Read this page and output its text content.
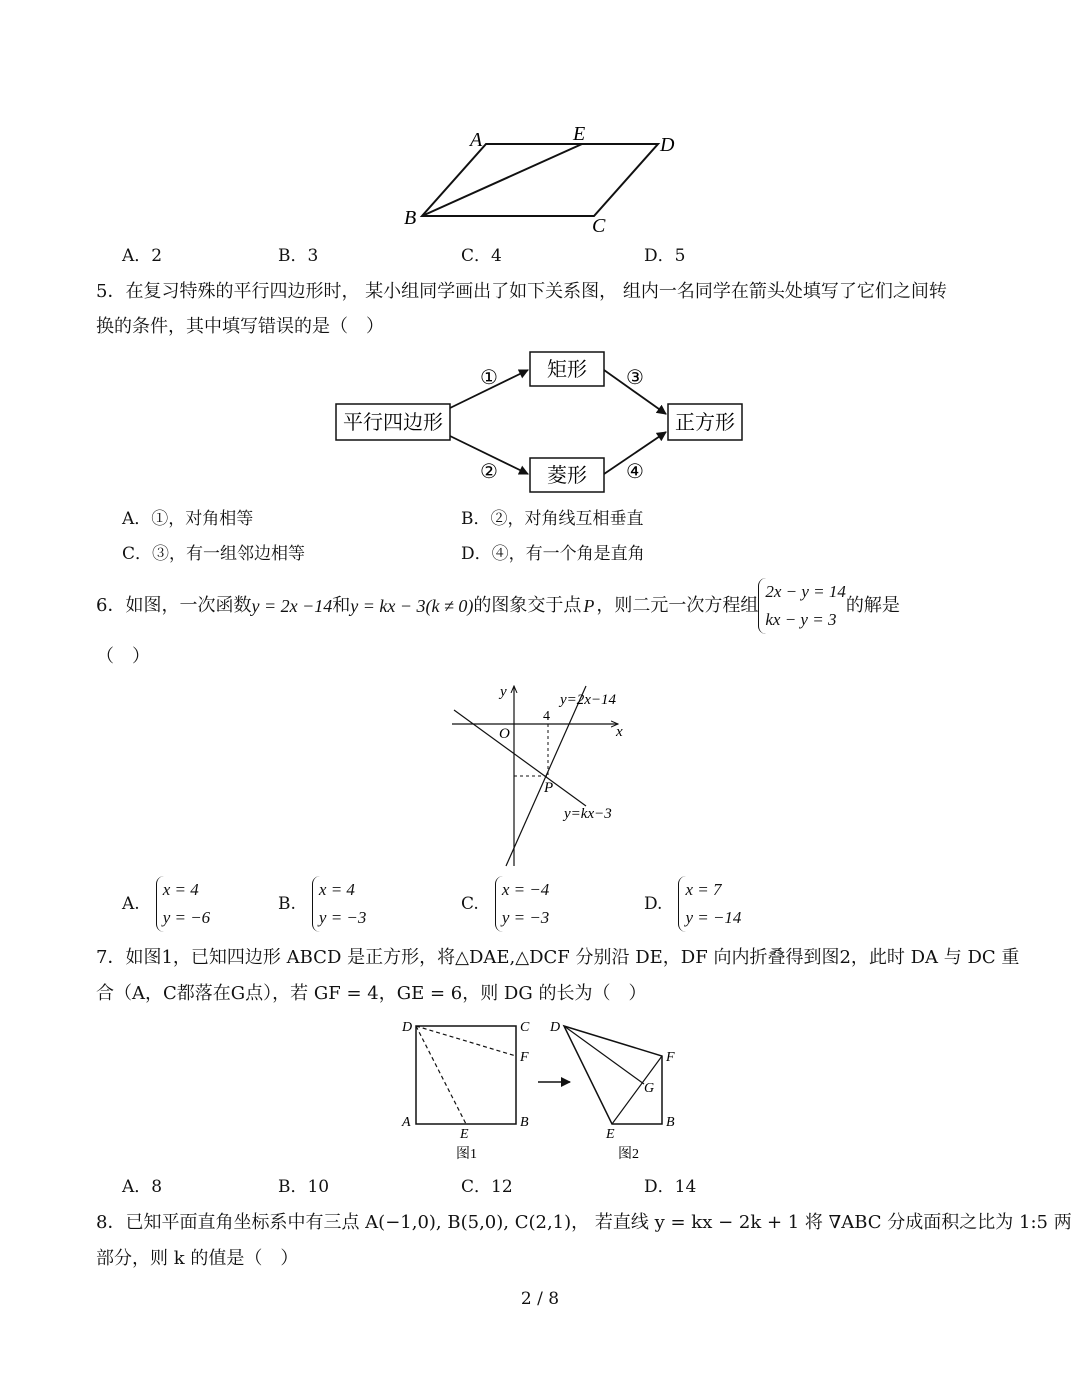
A	E	D
B	C
A．2	B．3	C．4	D．5
5．在复习特殊的平行四边形时， 某小组同学画出了如下关系图， 组内一名同学在箭头处填写了它们之间转
换的条件，其中填写错误的是（　）
平行四边形
矩形
菱形
正方形
①
②
③
④
A．①，对角相等	B．②，对角线互相垂直
C．③，有一组邻边相等	D．④，有一个角是直角
6．如图，一次函数 y = 2x −14 和 y = kx − 3(k ≠ 0) 的图象交于点 P ，则二元一次方程组
2x − y = 14
kx − y = 3
的解是
（　）
y
x
O
4
P
y=2x−14
y=kx−3
A.
x = 4
y = −6
B.
x = 4
y = −3
C.
x = −4
y = −3
D.
x = 7
y = −14
7．如图1，已知四边形 ABCD 是正方形，将△DAE,△DCF 分别沿 DE，DF 向内折叠得到图2，此时 DA 与 DC 重
合（A，C都落在G点），若 GF = 4，GE = 6，则 DG 的长为（　）
D	C
F
A
E
B
图1
D
F
G
E
B
图2
A．8	B．10	C．12	D．14
8．已知平面直角坐标系中有三点 A(−1,0), B(5,0), C(2,1)， 若直线 y = kx − 2k + 1 将 ∇ABC 分成面积之比为 1:5 两
部分，则 k 的值是（　）
2 / 8
